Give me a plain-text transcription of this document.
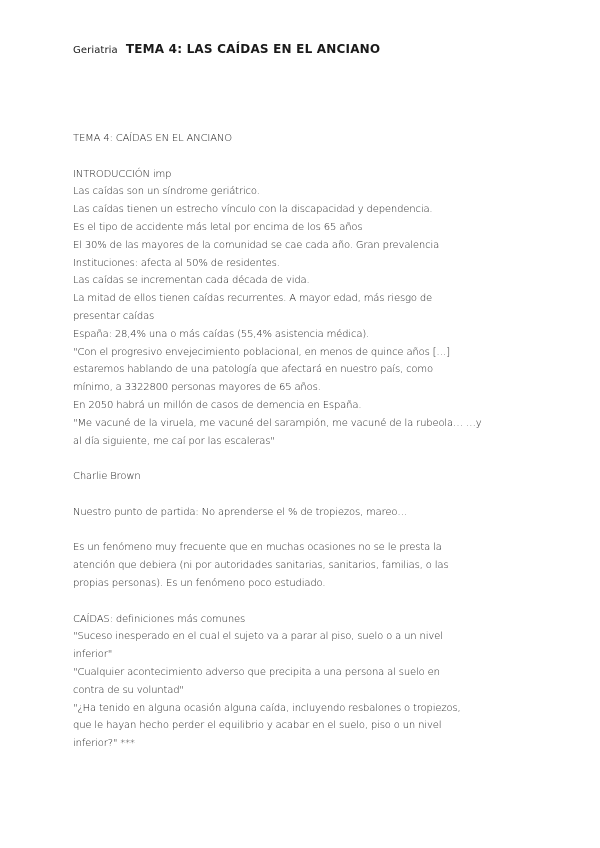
Geriatria TEMA 4: LAS CAÍDAS EN EL ANCIANO
TEMA 4: CAÍDAS EN EL ANCIANO
INTRODUCCIÓN imp
Las caídas son un síndrome geriátrico.
Las caídas tienen un estrecho vínculo con la discapacidad y dependencia.
Es el tipo de accidente más letal por encima de los 65 años
El 30% de las mayores de la comunidad se cae cada año. Gran prevalencia
Instituciones: afecta al 50% de residentes.
Las caídas se incrementan cada década de vida.
La mitad de ellos tienen caídas recurrentes. A mayor edad, más riesgo de
presentar caídas
España: 28,4% una o más caídas (55,4% asistencia médica).
"Con el progresivo envejecimiento poblacional, en menos de quince años […]
estaremos hablando de una patología que afectará en nuestro país, como
mínimo, a 3322800 personas mayores de 65 años.
En 2050 habrá un millón de casos de demencia en España.
"Me vacuné de la viruela, me vacuné del sarampión, me vacuné de la rubeola… …y
al día siguiente, me caí por las escaleras"
Charlie Brown
Nuestro punto de partida: No aprenderse el % de tropiezos, mareo…
Es un fenómeno muy frecuente que en muchas ocasiones no se le presta la
atención que debiera (ni por autoridades sanitarias, sanitarios, familias, o las
propias personas). Es un fenómeno poco estudiado.
CAÍDAS: definiciones más comunes
"Suceso inesperado en el cual el sujeto va a parar al piso, suelo o a un nivel
inferior"
"Cualquier acontecimiento adverso que precipita a una persona al suelo en
contra de su voluntad"
"¿Ha tenido en alguna ocasión alguna caída, incluyendo resbalones o tropiezos,
que le hayan hecho perder el equilibrio y acabar en el suelo, piso o un nivel
inferior?" ***
